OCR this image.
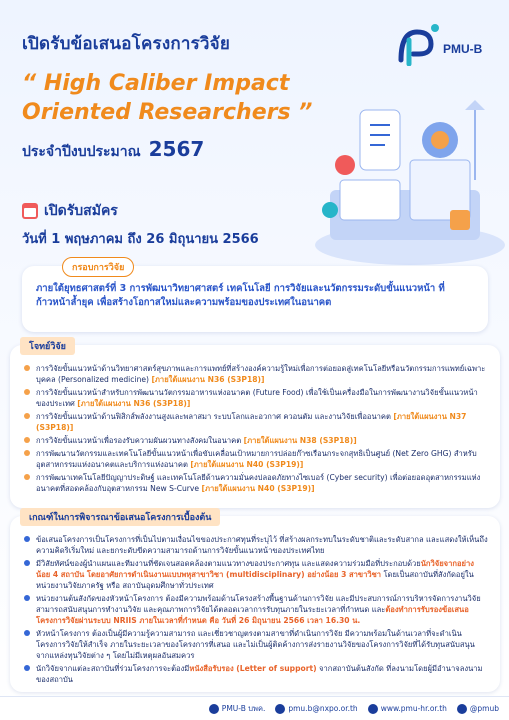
เปิดรับข้อเสนอโครงการวิจัย
“ High Caliber Impact
Oriented Researchers ”
ประจำปีงบประมาณ 2567
PMU-B
เปิดรับสมัคร
วันที่ 1 พฤษภาคม ถึง 26 มิถุนายน 2566
กรอบการวิจัย

ภายใต้ยุทธศาสตร์ที่ 3 การพัฒนาวิทยาศาสตร์ เทคโนโลยี การวิจัยและนวัตกรรมระดับขั้นแนวหน้า ที่ก้าวหน้าล้ำยุค เพื่อสร้างโอกาสใหม่และความพร้อมของประเทศในอนาคต

โจทย์วิจัย
การวิจัยขั้นแนวหน้าด้านวิทยาศาสตร์สุขภาพและการแพทย์ที่สร้างองค์ความรู้ใหม่เพื่อการต่อยอดสู่เทคโนโลยีหรือนวัตกรรมการแพทย์เฉพาะบุคคล (Personalized medicine) [ภายใต้แผนงาน N36 (S3P18)]
การวิจัยขั้นแนวหน้าสำหรับการพัฒนานวัตกรรมอาหารแห่งอนาคต (Future Food) เพื่อใช้เป็นเครื่องมือในการพัฒนางานวิจัยขั้นแนวหน้าของประเทศ [ภายใต้แผนงาน N36 (S3P18)]
การวิจัยขั้นแนวหน้าด้านฟิสิกส์พลังงานสูงและพลาสมา ระบบโลกและอวกาศ ควอนตัม และงานวิจัยเพื่ออนาคต [ภายใต้แผนงาน N37 (S3P18)]
การวิจัยขั้นแนวหน้าเพื่อรองรับความผันผวนทางสังคมในอนาคต [ภายใต้แผนงาน N38 (S3P18)]
การพัฒนานวัตกรรมและเทคโนโลยีขั้นแนวหน้าเพื่อขับเคลื่อนเป้าหมายการปล่อยก๊าซเรือนกระจกสุทธิเป็นศูนย์ (Net Zero GHG) สำหรับอุตสาหกรรมแห่งอนาคตและบริการแห่งอนาคต [ภายใต้แผนงาน N40 (S3P19)]
การพัฒนาเทคโนโลยีปัญญาประดิษฐ์ และเทคโนโลยีด้านความมั่นคงปลอดภัยทางไซเบอร์ (Cyber security) เพื่อต่อยอดอุตสาหกรรมแห่งอนาคตที่สอดคล้องกับอุตสาหกรรม New S-Curve [ภายใต้แผนงาน N40 (S3P19)]
เกณฑ์ในการพิจารณาข้อเสนอโครงการเบื้องต้น
ข้อเสนอโครงการเป็นโครงการที่เป็นไปตามเงื่อนไขของประกาศทุนที่ระบุไว้ ที่สร้างผลกระทบในระดับชาติและระดับสากล และแสดงให้เห็นถึงความคิดริเริ่มใหม่ และยกระดับขีดความสามารถด้านการวิจัยขั้นแนวหน้าของประเทศไทย
มีวิสัยทัศน์ของผู้นำแผนและทีมงานที่ชัดเจนสอดคล้องตามแนวทางของประกาศทุน และแสดงความร่วมมือที่ประกอบด้วยนักวิจัยจากอย่างน้อย 4 สถาบัน โดยอาศัยการดำเนินงานแบบพหุสาขาวิชา (multidisciplinary) อย่างน้อย 3 สาขาวิชา โดยเป็นสถาบันที่สังกัดอยู่ในหน่วยงานวิจัยภาครัฐ หรือ สถาบันอุดมศึกษาทั่วประเทศ
หน่วยงานต้นสังกัดของหัวหน้าโครงการ ต้องมีความพร้อมด้านโครงสร้างพื้นฐานด้านการวิจัย และมีประสบการณ์การบริหารจัดการงานวิจัย สามารถสนับสนุนการทำงานวิจัย และคุณภาพการวิจัยได้ตลอดเวลาการรับทุนภายในระยะเวลาที่กำหนด และต้องทำการรับรองข้อเสนอโครงการวิจัยผ่านระบบ NRIIS ภายในเวลาที่กำหนด คือ วันที่ 26 มิถุนายน 2566 เวลา 16.30 น.
หัวหน้าโครงการ ต้องเป็นผู้มีความรู้ความสามารถ และเชี่ยวชาญตรงตามสาขาที่ดำเนินการวิจัย มีความพร้อมในด้านเวลาที่จะดำเนินโครงการวิจัยให้สำเร็จ ภายในระยะเวลาของโครงการที่เสนอ และไม่เป็นผู้ติดค้างการส่งรายงานวิจัยของโครงการวิจัยที่ได้รับทุนสนับสนุนจากแหล่งทุนวิจัยต่าง ๆ โดยไม่มีเหตุผลอันสมควร
นักวิจัยจากแต่ละสถาบันที่ร่วมโครงการจะต้องมีหนังสือรับรอง (Letter of support) จากสถาบันต้นสังกัด ที่ลงนามโดยผู้มีอำนาจลงนามของสถาบัน
PMU-B บพค.	pmu.b@nxpo.or.th	www.pmu-hr.or.th	@pmub
